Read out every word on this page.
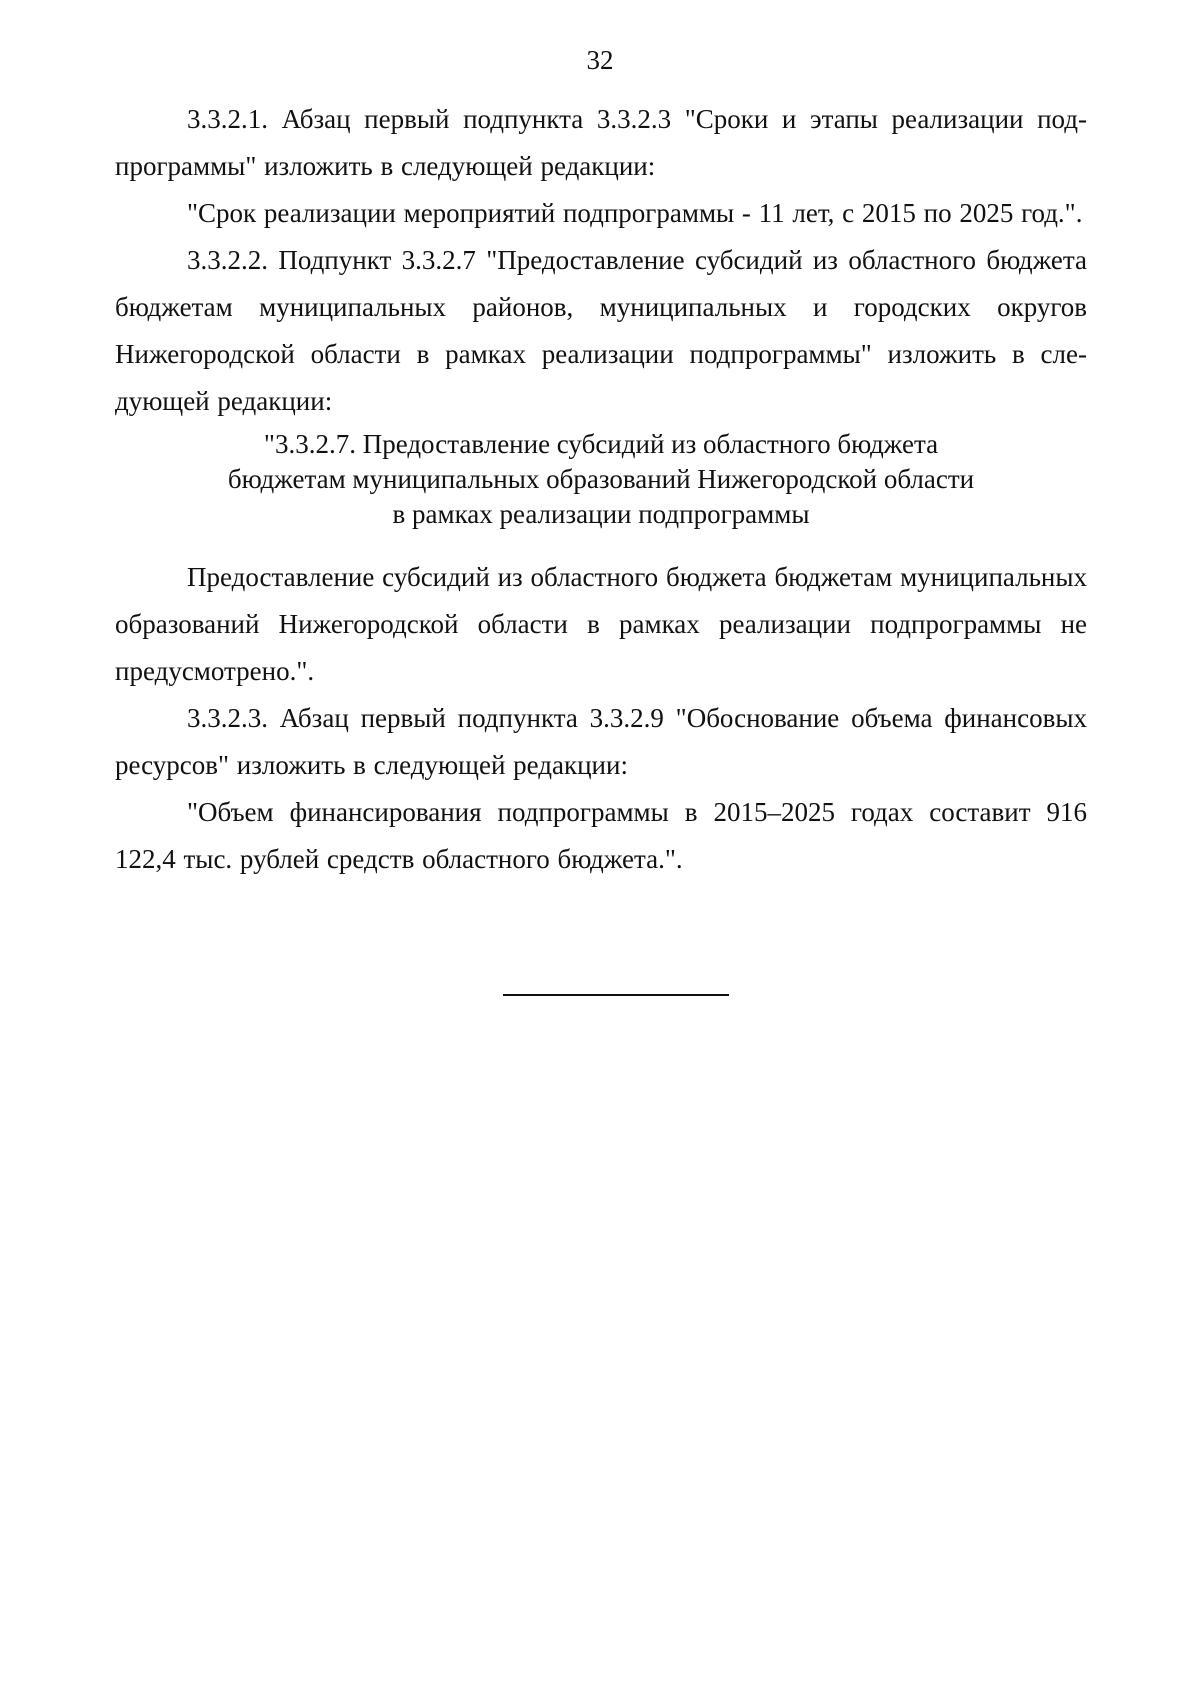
32

3.3.2.1. Абзац первый подпункта 3.3.2.3 "Сроки и этапы реализации подпрограммы" изложить в следующей редакции:

"Срок реализации мероприятий подпрограммы - 11 лет, с 2015 по 2025 год.".

3.3.2.2. Подпункт 3.3.2.7 "Предоставление субсидий из областного бюджета бюджетам муниципальных районов, муниципальных и городских округов Нижегородской области в рамках реализации подпрограммы" изложить в следующей редакции:

"3.3.2.7. Предоставление субсидий из областного бюджета
бюджетам муниципальных образований Нижегородской области
в рамках реализации подпрограммы

Предоставление субсидий из областного бюджета бюджетам муниципальных образований Нижегородской области в рамках реализации подпрограммы не предусмотрено.".

3.3.2.3. Абзац первый подпункта 3.3.2.9 "Обоснование объема финансовых ресурсов" изложить в следующей редакции:

"Объем финансирования подпрограммы в 2015–2025 годах составит 916 122,4 тыс. рублей средств областного бюджета.".
